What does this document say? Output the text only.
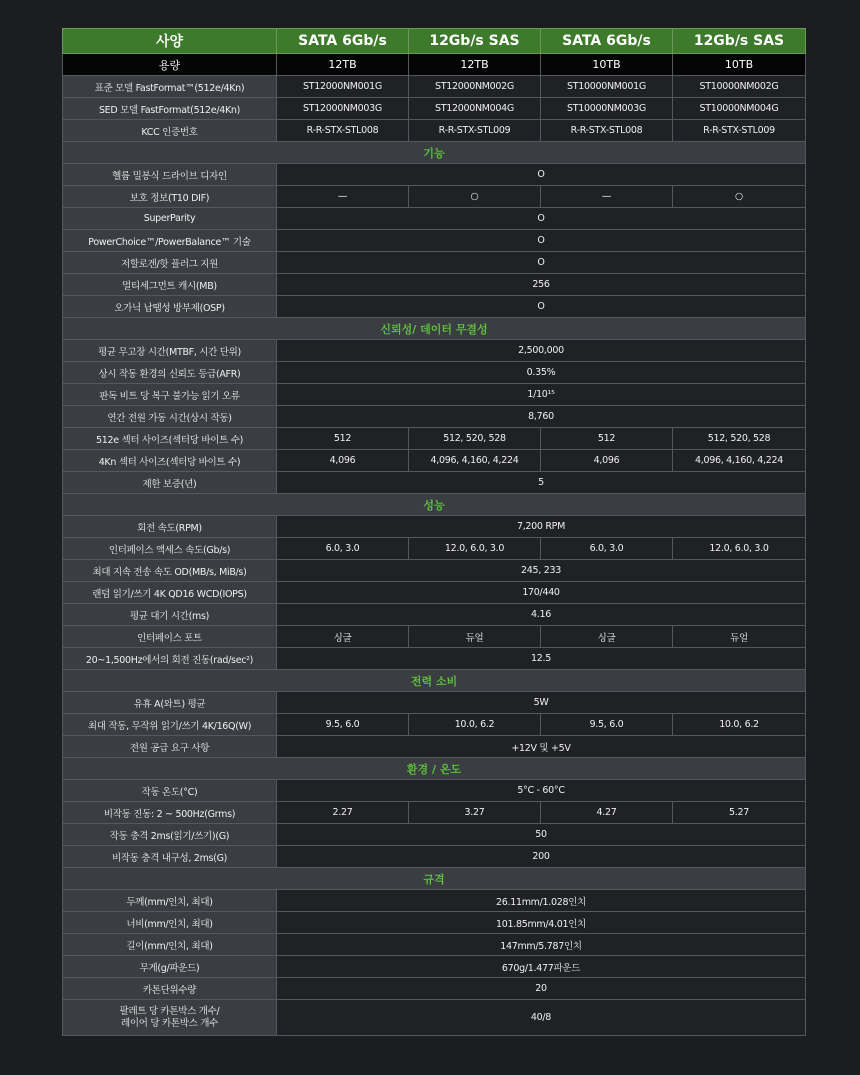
사양	SATA 6Gb/s	12Gb/s SAS	SATA 6Gb/s	12Gb/s SAS
용량	12TB	12TB	10TB	10TB
표준 모델 FastFormat™(512e/4Kn)	ST12000NM001G	ST12000NM002G	ST10000NM001G	ST10000NM002G
SED 모델 FastFormat(512e/4Kn)	ST12000NM003G	ST12000NM004G	ST10000NM003G	ST10000NM004G
KCC 인증번호	R-R-STX-STL008	R-R-STX-STL009	R-R-STX-STL008	R-R-STX-STL009
기능				
헬륨 밀봉식 드라이브 디자인	O			
보호 정보(T10 DIF)	—	○	—	○
SuperParity	O			
PowerChoice™/PowerBalance™ 기술	O			
저할로겐/핫 플러그 지원	O			
멀티세그먼트 캐시(MB)	256			
오가닉 납땜성 방부제(OSP)	O			
신뢰성/ 데이터 무결성				
평균 무고장 시간(MTBF, 시간 단위)	2,500,000			
상시 작동 환경의 신뢰도 등급(AFR)	0.35%			
판독 비트 당 복구 불가능 읽기 오류	1/10¹⁵			
연간 전원 가동 시간(상시 작동)	8,760			
512e 섹터 사이즈(섹터당 바이트 수)	512	512, 520, 528	512	512, 520, 528
4Kn 섹터 사이즈(섹터당 바이트 수)	4,096	4,096, 4,160, 4,224	4,096	4,096, 4,160, 4,224
제한 보증(년)	5			
성능				
회전 속도(RPM)	7,200 RPM			
인터페이스 액세스 속도(Gb/s)	6.0, 3.0	12.0, 6.0, 3.0	6.0, 3.0	12.0, 6.0, 3.0
최대 지속 전송 속도 OD(MB/s, MiB/s)	245, 233			
랜덤 읽기/쓰기 4K QD16 WCD(IOPS)	170/440			
평균 대기 시간(ms)	4.16			
인터페이스 포트	싱글	듀얼	싱글	듀얼
20~1,500Hz에서의 회전 진동(rad/sec²)	12.5			
전력 소비				
유휴 A(와트) 평균	5W			
최대 작동, 무작위 읽기/쓰기 4K/16Q(W)	9.5, 6.0	10.0, 6.2	9.5, 6.0	10.0, 6.2
전원 공급 요구 사항	+12V 및 +5V			
환경 / 온도				
작동 온도(°C)	5°C - 60°C			
비작동 진동: 2 ~ 500Hz(Grms)	2.27	3.27	4.27	5.27
작동 충격 2ms(읽기/쓰기)(G)	50			
비작동 충격 내구성, 2ms(G)	200			
규격				
두께(mm/인치, 최대)	26.11mm/1.028인치			
너비(mm/인치, 최대)	101.85mm/4.01인치			
길이(mm/인치, 최대)	147mm/5.787인치			
무게(g/파운드)	670g/1.477파운드			
카톤단위수량	20			

팔레트 당 카톤박스 개수/
레이어 당 카톤박스 개수	40/8			
